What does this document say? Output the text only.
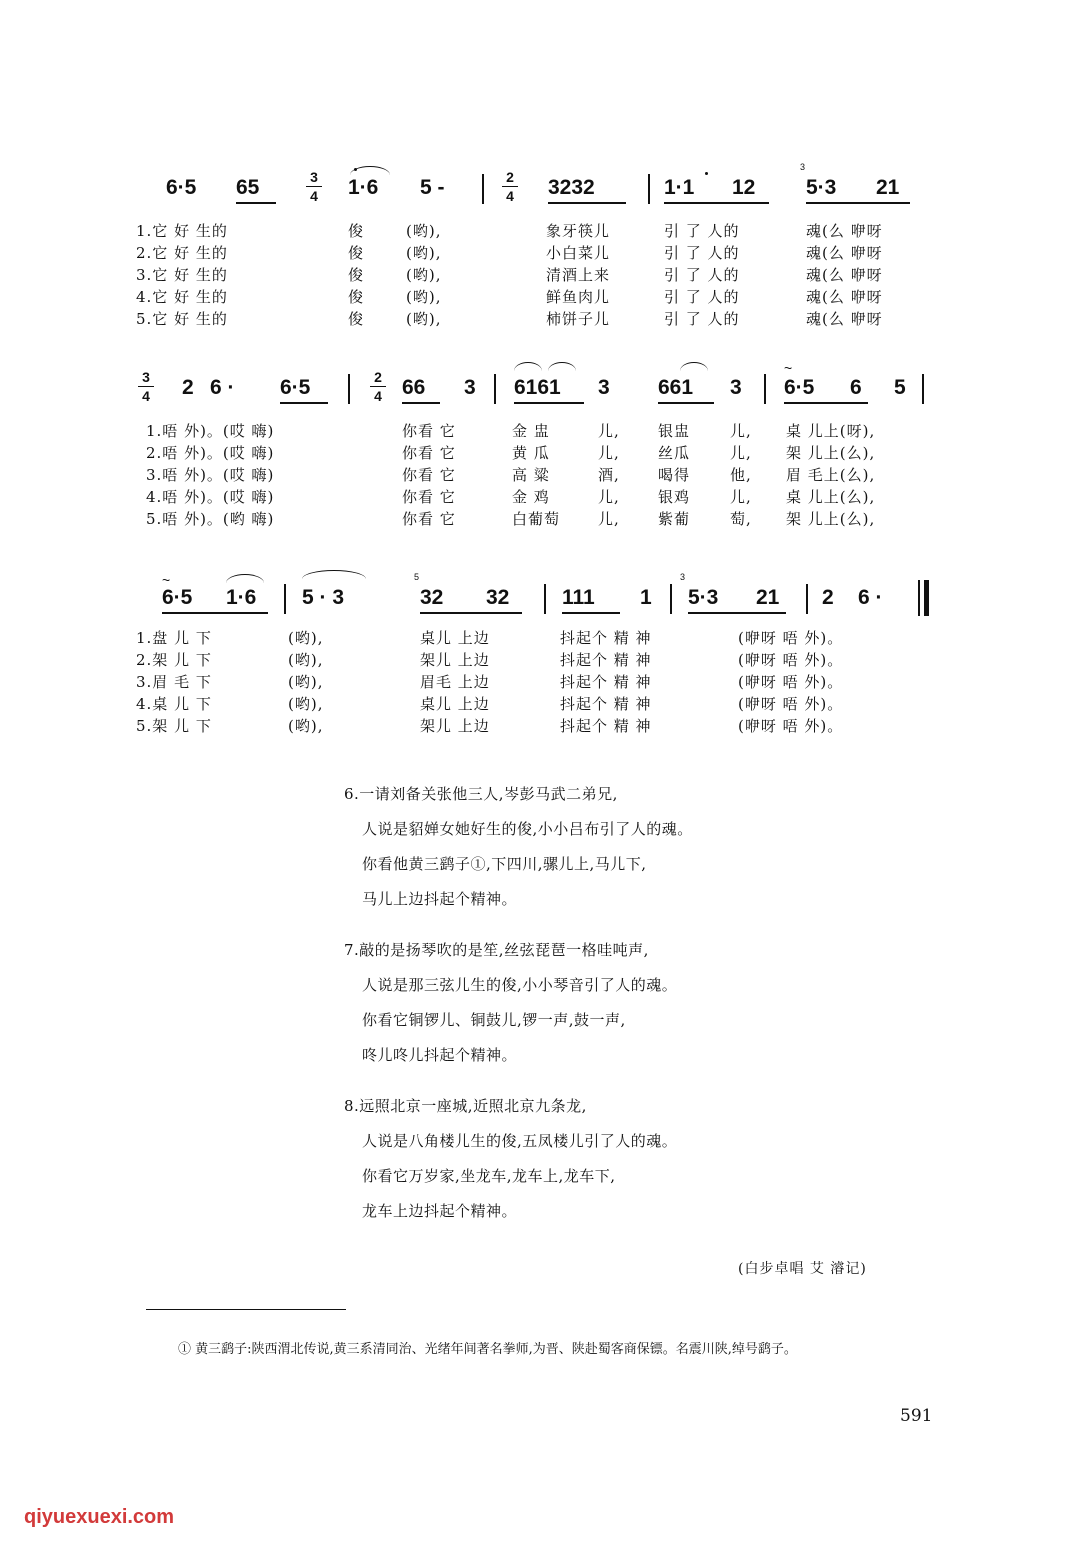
6·5 65	3
4 1·6 5 -	2
4 3232	1·1 12
3
5·3 21
1.它 好 生的	俊	(哟),	象牙筷儿	引 了 人的	魂(么 咿呀
2.它 好 生的	俊	(哟),	小白菜儿	引 了 人的	魂(么 咿呀
3.它 好 生的	俊	(哟),	清酒上来	引 了 人的	魂(么 咿呀
4.它 好 生的	俊	(哟),	鲜鱼肉儿	引 了 人的	魂(么 咿呀
5.它 好 生的	俊	(哟),	柿饼子儿	引 了 人的	魂(么 咿呀
3
4 2 6 · 6·5	2
4 66 3 6161 3 661 3
~
6·5 6 5
1.唔 外)。(哎 嗨)	你看 它	金 盅	儿,	银盅	儿, 桌 儿上(呀),
2.唔 外)。(哎 嗨)	你看 它	黄 瓜	儿,	丝瓜	儿, 架 儿上(么),
3.唔 外)。(哎 嗨)	你看 它	高 粱	酒,	喝得	他, 眉 毛上(么),
4.唔 外)。(哎 嗨)	你看 它	金 鸡	儿,	银鸡	儿, 桌 儿上(么),
5.唔 外)。(哟 嗨)	你看 它	白葡萄	儿,	紫葡	萄, 架 儿上(么),
~
6·5 1·6 5 · 3
5
32 32	111 1
3
5·3 21 2 6 ·
1.盘 儿 下	(哟),	桌儿 上边	抖起个 精 神	(咿呀 唔 外)。
2.架 儿 下	(哟),	架儿 上边	抖起个 精 神	(咿呀 唔 外)。
3.眉 毛 下	(哟),	眉毛 上边	抖起个 精 神	(咿呀 唔 外)。
4.桌 儿 下	(哟),	桌儿 上边	抖起个 精 神	(咿呀 唔 外)。
5.架 儿 下	(哟),	架儿 上边	抖起个 精 神	(咿呀 唔 外)。
6.一请刘备关张他三人,岑彭马武二弟兄,
人说是貂婵女她好生的俊,小小吕布引了人的魂。
你看他黄三鹞子①,下四川,骡儿上,马儿下,
马儿上边抖起个精神。
7.敲的是扬琴吹的是笙,丝弦琵琶一格哇吨声,
人说是那三弦儿生的俊,小小琴音引了人的魂。
你看它铜锣儿、铜鼓儿,锣一声,鼓一声,
咚儿咚儿抖起个精神。
8.远照北京一座城,近照北京九条龙,
人说是八角楼儿生的俊,五凤楼儿引了人的魂。
你看它万岁家,坐龙车,龙车上,龙车下,
龙车上边抖起个精神。
(白步卓唱 艾 濬记)
① 黄三鹞子:陕西渭北传说,黄三系清同治、光绪年间著名拳师,为晋、陕赴蜀客商保镖。名震川陕,绰号鹞子。
591
qiyuexuexi.com
